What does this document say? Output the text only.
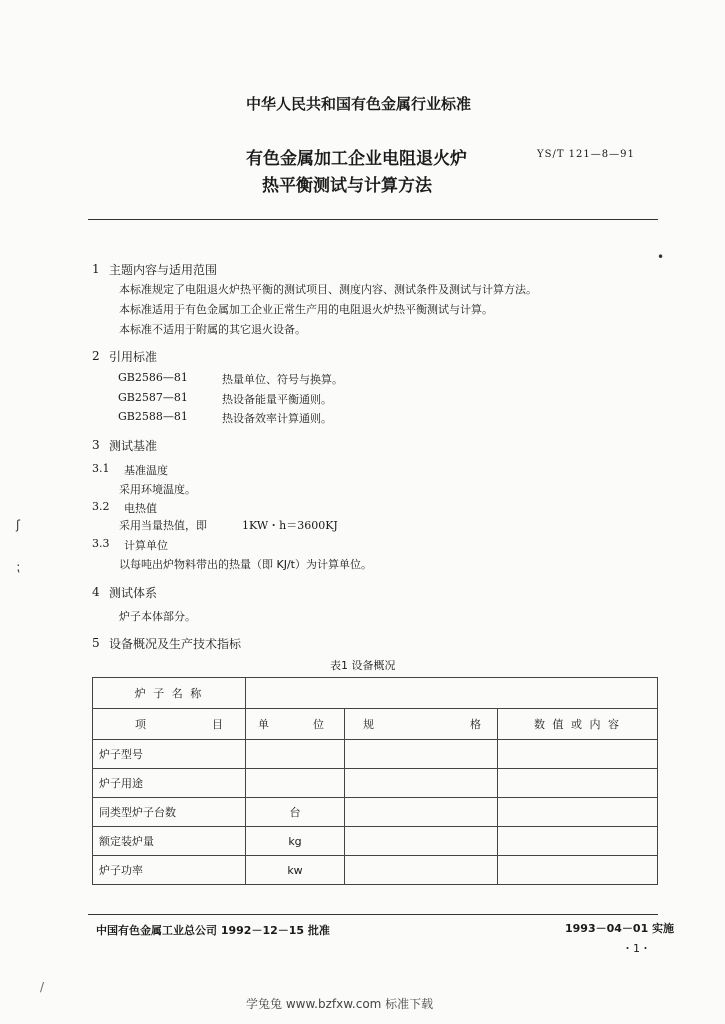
中华人民共和国有色金属行业标准
有色金属加工企业电阻退火炉
热平衡测试与计算方法
YS/T 121—8—91
•
1 主题内容与适用范围
本标准规定了电阻退火炉热平衡的测试项目、测度内容、测试条件及测试与计算方法。
本标准适用于有色金属加工企业正常生产用的电阻退火炉热平衡测试与计算。
本标准不适用于附属的其它退火设备。
2 引用标准
GB2586—81	热量单位、符号与换算。
GB2587—81	热设备能量平衡通则。
GB2588—81	热设备效率计算通则。
3 测试基准
3.1 基准温度
采用环境温度。
3.2 电热值
采用当量热值，即	1KW・h＝3600KJ
3.3 计算单位
以每吨出炉物料带出的热量（即 KJ/t）为计算单位。
4 测试体系
炉子本体部分。
5 设备概况及生产技术指标
表1 设备概况
炉 子 名 称			

项 目	单 位	规 格	数 值 或 内 容
炉子型号			
炉子用途			
同类型炉子台数	台		
额定装炉量	kg		
炉子功率	kw		
中国有色金属工业总公司 1992－12－15 批准	1993－04－01 实施
・1・
学兔兔 www.bzfxw.com 标准下载
ʃ
⁏
/
